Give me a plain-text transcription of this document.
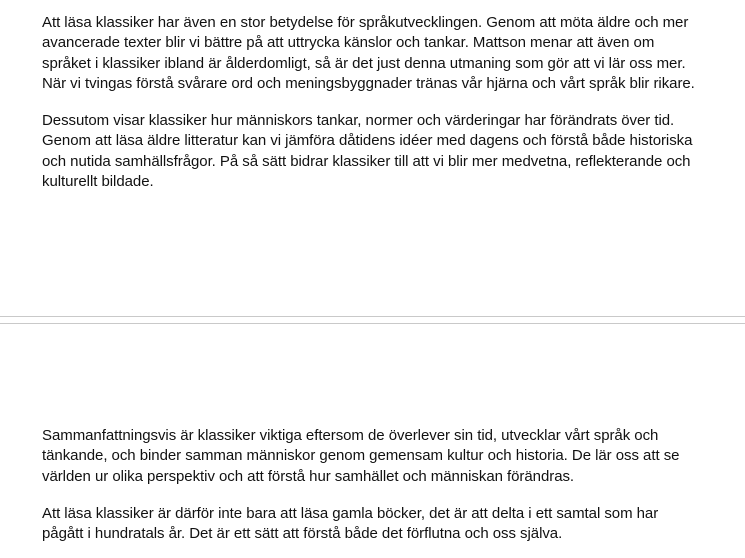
Att läsa klassiker har även en stor betydelse för språkutvecklingen. Genom att möta äldre och mer avancerade texter blir vi bättre på att uttrycka känslor och tankar. Mattson menar att även om språket i klassiker ibland är ålderdomligt, så är det just denna utmaning som gör att vi lär oss mer. När vi tvingas förstå svårare ord och meningsbyggnader tränas vår hjärna och vårt språk blir rikare.

Dessutom visar klassiker hur människors tankar, normer och värderingar har förändrats över tid. Genom att läsa äldre litteratur kan vi jämföra dåtidens idéer med dagens och förstå både historiska och nutida samhällsfrågor. På så sätt bidrar klassiker till att vi blir mer medvetna, reflekterande och kulturellt bildade.

Sammanfattningsvis är klassiker viktiga eftersom de överlever sin tid, utvecklar vårt språk och tänkande, och binder samman människor genom gemensam kultur och historia. De lär oss att se världen ur olika perspektiv och att förstå hur samhället och människan förändras.

Att läsa klassiker är därför inte bara att läsa gamla böcker, det är att delta i ett samtal som har pågått i hundratals år. Det är ett sätt att förstå både det förflutna och oss själva.
